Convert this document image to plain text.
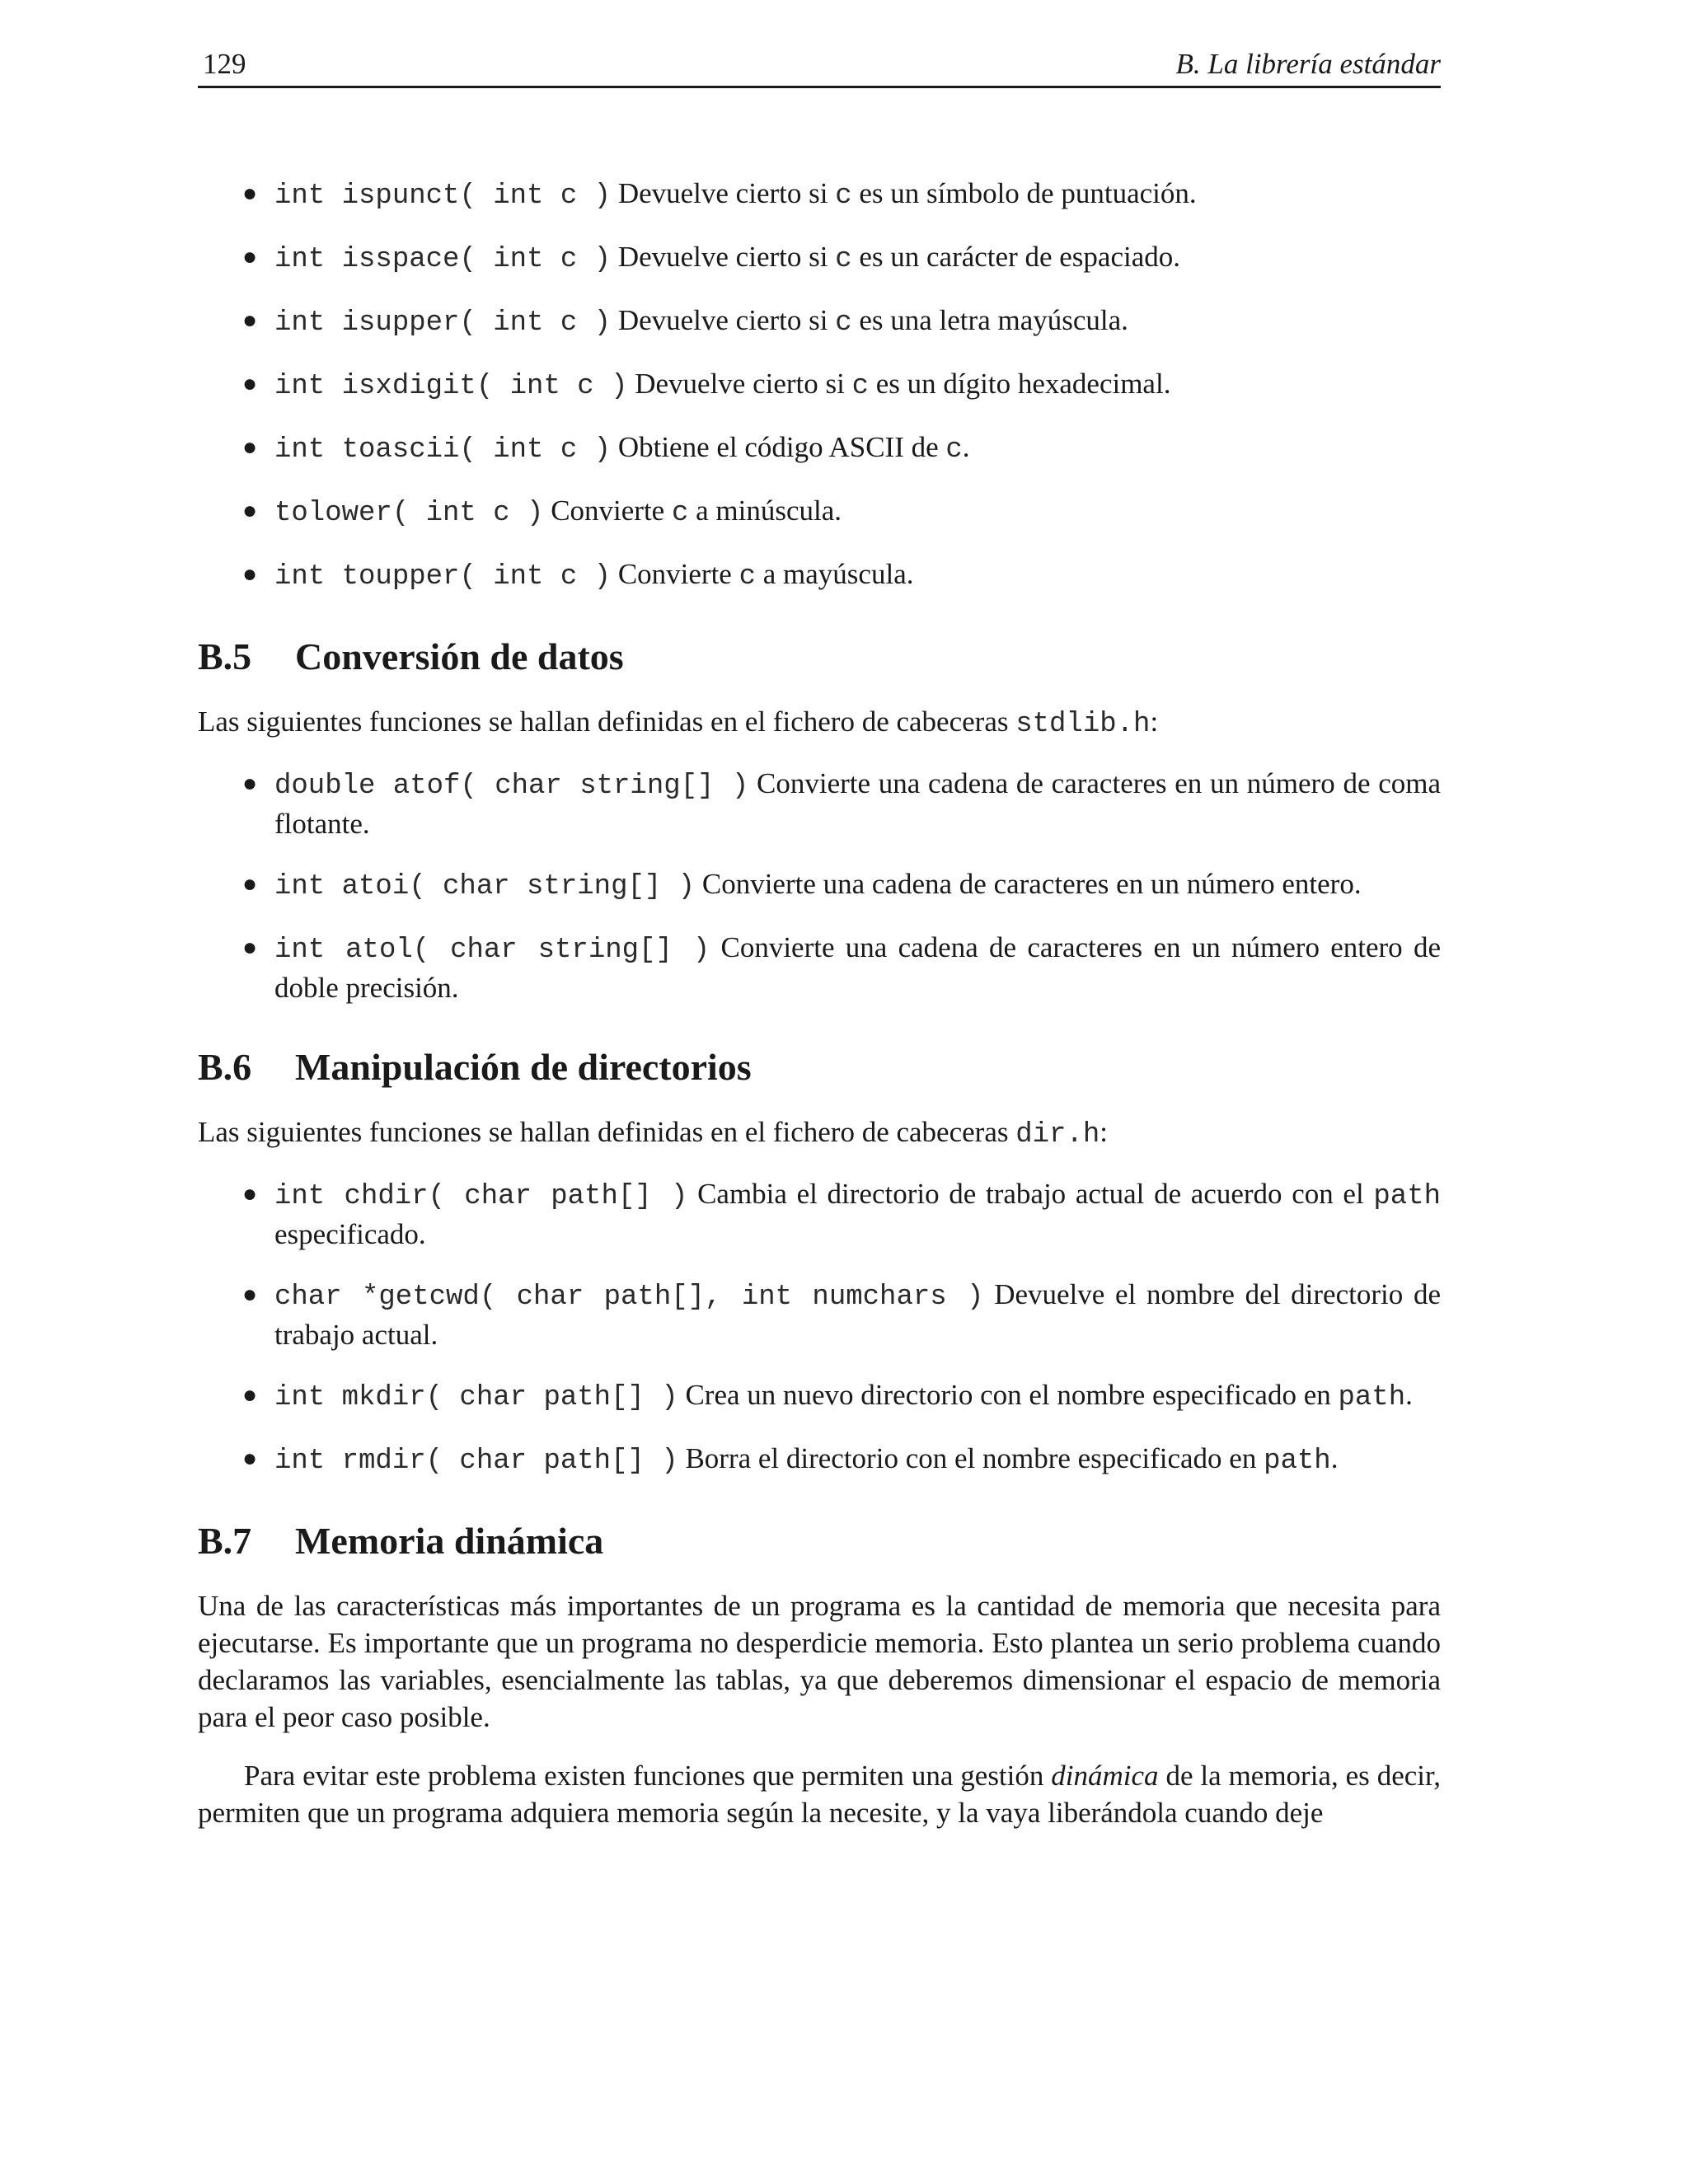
129	B. La librería estándar
● int ispunct( int c ) Devuelve cierto si c es un símbolo de puntuación.
● int isspace( int c ) Devuelve cierto si c es un carácter de espaciado.
● int isupper( int c ) Devuelve cierto si c es una letra mayúscula.
● int isxdigit( int c ) Devuelve cierto si c es un dígito hexadecimal.
● int toascii( int c ) Obtiene el código ASCII de c.
● tolower( int c ) Convierte c a minúscula.
● int toupper( int c ) Convierte c a mayúscula.
B.5	Conversión de datos

Las siguientes funciones se hallan definidas en el fichero de cabeceras stdlib.h:

● double atof( char string[] ) Convierte una cadena de caracteres en un número de coma flotante.
● int atoi( char string[] ) Convierte una cadena de caracteres en un número entero.
● int atol( char string[] ) Convierte una cadena de caracteres en un número entero de doble precisión.
B.6	Manipulación de directorios

Las siguientes funciones se hallan definidas en el fichero de cabeceras dir.h:

● int chdir( char path[] ) Cambia el directorio de trabajo actual de acuerdo con el path especificado.
● char *getcwd( char path[], int numchars ) Devuelve el nombre del directorio de trabajo actual.
● int mkdir( char path[] ) Crea un nuevo directorio con el nombre especificado en path.
● int rmdir( char path[] ) Borra el directorio con el nombre especificado en path.
B.7	Memoria dinámica

Una de las características más importantes de un programa es la cantidad de memoria que necesita para ejecutarse. Es importante que un programa no desperdicie memoria. Esto plantea un serio problema cuando declaramos las variables, esencialmente las tablas, ya que deberemos dimensionar el espacio de memoria para el peor caso posible.

Para evitar este problema existen funciones que permiten una gestión dinámica de la memoria, es decir, permiten que un programa adquiera memoria según la necesite, y la vaya liberándola cuando deje
